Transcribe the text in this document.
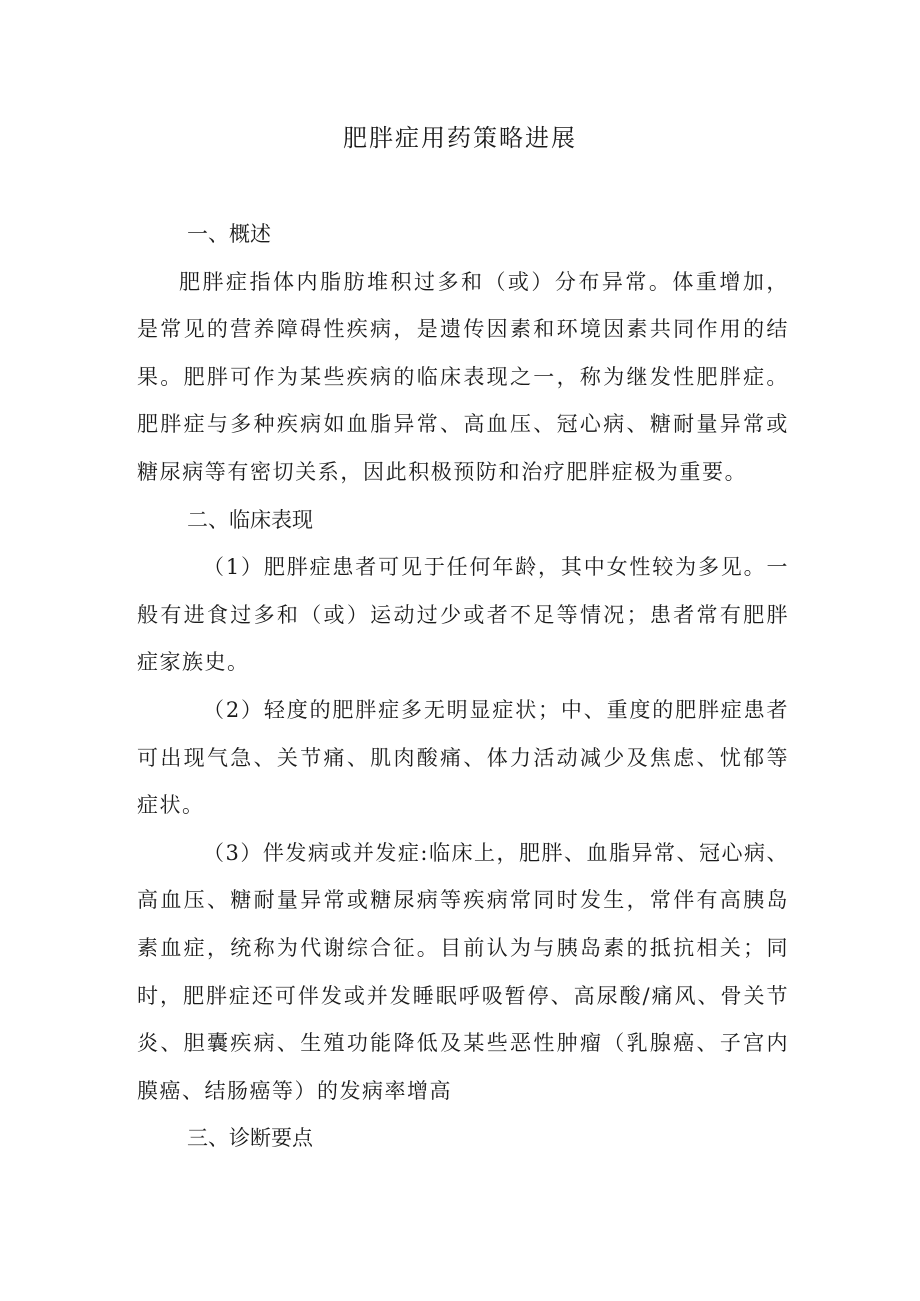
肥胖症用药策略进展
一、概述

肥胖症指体内脂肪堆积过多和（或）分布异常。体重增加，是常见的营养障碍性疾病，是遗传因素和环境因素共同作用的结果。肥胖可作为某些疾病的临床表现之一，称为继发性肥胖症。肥胖症与多种疾病如血脂异常、高血压、冠心病、糖耐量异常或糖尿病等有密切关系，因此积极预防和治疗肥胖症极为重要。

二、临床表现

（1）肥胖症患者可见于任何年龄，其中女性较为多见。一般有进食过多和（或）运动过少或者不足等情况；患者常有肥胖症家族史。

（2）轻度的肥胖症多无明显症状；中、重度的肥胖症患者可出现气急、关节痛、肌肉酸痛、体力活动减少及焦虑、忧郁等症状。

（3）伴发病或并发症:临床上，肥胖、血脂异常、冠心病、高血压、糖耐量异常或糖尿病等疾病常同时发生，常伴有高胰岛素血症，统称为代谢综合征。目前认为与胰岛素的抵抗相关；同时，肥胖症还可伴发或并发睡眠呼吸暂停、高尿酸/痛风、骨关节炎、胆囊疾病、生殖功能降低及某些恶性肿瘤（乳腺癌、子宫内膜癌、结肠癌等）的发病率增高

三、诊断要点
